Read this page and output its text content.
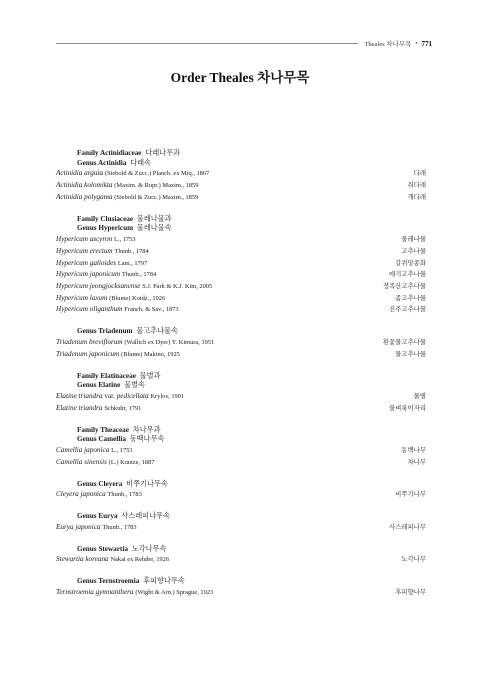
Theales 차나무목 • 771
Order Theales 차나무목
Family Actinidiaceae 다래나무과
Genus Actinidia 다래속
Actinidia arguta (Siebold & Zucc.) Planch. ex Miq., 1867	다래
Actinidia kolomikta (Maxim. & Rupr.) Maxim., 1859	쥐다래
Actinidia polygama (Siebold & Zucc.) Maxim., 1859	개다래
Family Clusiaceae 물레나물과
Genus Hypericum 물레나물속
Hypericum ascyron L., 1753	물레나물
Hypericum erectum Thunb., 1784	고추나물
Hypericum galioides Lam., 1797	갈퀴망종화
Hypericum japonicum Thunb., 1784	애기고추나물
Hypericum jeongjocksanense S.J. Park & K.J. Kim, 2005	정족산고추나물
Hypericum laxum (Blume) Koidz., 1926	좀고추나물
Hypericum oliganthum Franch. & Sav., 1873	진주고추나물
Genus Triadenum 물고추나물속
Triadenum breviflorum (Wallich ex Dyer) Y. Kimura, 1951	흰꽃물고추나물
Triadenum japonicum (Blume) Makino, 1925	물고추나물
Family Elatinaceae 물별과
Genus Elatine 물별속
Elatine triandra var. pedicellata Krylov, 1901	물별
Elatine triandra Schkuhr, 1791	물벼룩이자리
Family Theaceae 차나무과
Genus Camellia 동백나무속
Camellia japonica L., 1753	동백나무
Camellia sinensis (L.) Kuntze, 1887	차나무
Genus Cleyera 비쭈기나무속
Cleyera japonica Thunb., 1783	비쭈기나무
Genus Eurya 사스레피나무속
Eurya japonica Thunb., 1783	사스레피나무
Genus Stewartia 노각나무속
Stewartia koreana Nakai ex Rehder, 1926	노각나무
Genus Ternstroemia 후피향나무속
Ternstroemia gymnanthera (Wight & Arn.) Sprague, 1923	후피향나무
